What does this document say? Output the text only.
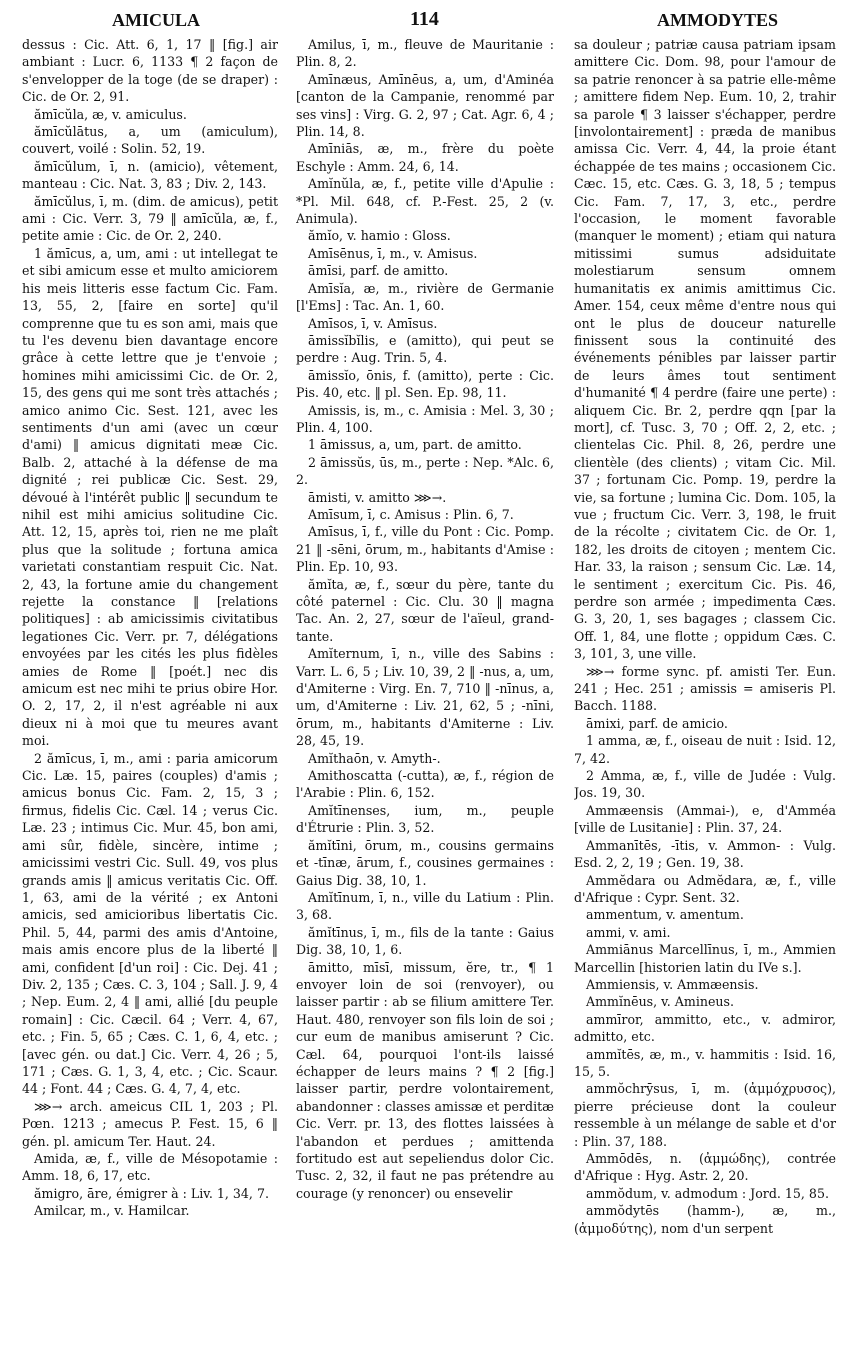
AMICULA	114	AMMODYTES

dessus : Cic. Att. 6, 1, 17 ‖ [fig.] air ambiant : Lucr. 6, 1133 ¶ 2 façon de s'envelopper de la toge (de se draper) : Cic. de Or. 2, 91.

ămīcŭla, æ, v. amiculus.

ămīcŭlātus, a, um (amiculum), couvert, voilé : Solin. 52, 19.

ămīcŭlum, ī, n. (amicio), vêtement, manteau : Cic. Nat. 3, 83 ; Div. 2, 143.

ămīcŭlus, ī, m. (dim. de amicus), petit ami : Cic. Verr. 3, 79 ‖ amīcŭla, æ, f., petite amie : Cic. de Or. 2, 240.

1 ămīcus, a, um, ami : ut intellegat te et sibi amicum esse et multo amiciorem his meis litteris esse factum Cic. Fam. 13, 55, 2, [faire en sorte] qu'il comprenne que tu es son ami, mais que tu l'es devenu bien davantage encore grâce à cette lettre que je t'envoie ; homines mihi amicissimi Cic. de Or. 2, 15, des gens qui me sont très attachés ; amico animo Cic. Sest. 121, avec les sentiments d'un ami (avec un cœur d'ami) ‖ amicus dignitati meæ Cic. Balb. 2, attaché à la défense de ma dignité ; rei publicæ Cic. Sest. 29, dévoué à l'intérêt public ‖ secundum te nihil est mihi amicius solitudine Cic. Att. 12, 15, après toi, rien ne me plaît plus que la solitude ; fortuna amica varietati constantiam respuit Cic. Nat. 2, 43, la fortune amie du changement rejette la constance ‖ [relations politiques] : ab amicissimis civitatibus legationes Cic. Verr. pr. 7, délégations envoyées par les cités les plus fidèles amies de Rome ‖ [poét.] nec dis amicum est nec mihi te prius obire Hor. O. 2, 17, 2, il n'est agréable ni aux dieux ni à moi que tu meures avant moi.

2 ămīcus, ī, m., ami : paria amicorum Cic. Læ. 15, paires (couples) d'amis ; amicus bonus Cic. Fam. 2, 15, 3 ; firmus, fidelis Cic. Cæl. 14 ; verus Cic. Læ. 23 ; intimus Cic. Mur. 45, bon ami, ami sûr, fidèle, sincère, intime ; amicissimi vestri Cic. Sull. 49, vos plus grands amis ‖ amicus veritatis Cic. Off. 1, 63, ami de la vérité ; ex Antoni amicis, sed amicioribus libertatis Cic. Phil. 5, 44, parmi des amis d'Antoine, mais amis encore plus de la liberté ‖ ami, confident [d'un roi] : Cic. Dej. 41 ; Div. 2, 135 ; Cæs. C. 3, 104 ; Sall. J. 9, 4 ; Nep. Eum. 2, 4 ‖ ami, allié [du peuple romain] : Cic. Cæcil. 64 ; Verr. 4, 67, etc. ; Fin. 5, 65 ; Cæs. C. 1, 6, 4, etc. ; [avec gén. ou dat.] Cic. Verr. 4, 26 ; 5, 171 ; Cæs. G. 1, 3, 4, etc. ; Cic. Scaur. 44 ; Font. 44 ; Cæs. G. 4, 7, 4, etc.

⋙→ arch. ameicus CIL 1, 203 ; Pl. Pœn. 1213 ; amecus P. Fest. 15, 6 ‖ gén. pl. amicum Ter. Haut. 24.

Amida, æ, f., ville de Mésopotamie : Amm. 18, 6, 17, etc.

ămigro, āre, émigrer à : Liv. 1, 34, 7.

Amilcar, m., v. Hamilcar.

Amilus, ī, m., fleuve de Mauritanie : Plin. 8, 2.

Amīnæus, Amīnēus, a, um, d'Aminéa [canton de la Campanie, renommé par ses vins] : Virg. G. 2, 97 ; Cat. Agr. 6, 4 ; Plin. 14, 8.

Amīniās, æ, m., frère du poète Eschyle : Amm. 24, 6, 14.

Amĭnŭla, æ, f., petite ville d'Apulie : *Pl. Mil. 648, cf. P.-Fest. 25, 2 (v. Animula).

ămĭo, v. hamio : Gloss.

Amīsēnus, ī, m., v. Amisus.

āmīsi, parf. de amitto.

Amīsĭa, æ, m., rivière de Germanie [l'Ems] : Tac. An. 1, 60.

Amīsos, ī, v. Amīsus.

āmissĭbĭlis, e (amitto), qui peut se perdre : Aug. Trin. 5, 4.

āmissĭo, ōnis, f. (amitto), perte : Cic. Pis. 40, etc. ‖ pl. Sen. Ep. 98, 11.

Amissis, is, m., c. Amisia : Mel. 3, 30 ; Plin. 4, 100.

1 āmissus, a, um, part. de amitto.

2 āmissŭs, ūs, m., perte : Nep. *Alc. 6, 2.

āmisti, v. amitto ⋙→.

Amīsum, ī, c. Amisus : Plin. 6, 7.

Amīsus, ī, f., ville du Pont : Cic. Pomp. 21 ‖ -sēni, ōrum, m., habitants d'Amise : Plin. Ep. 10, 93.

ămĭta, æ, f., sœur du père, tante du côté paternel : Cic. Clu. 30 ‖ magna Tac. An. 2, 27, sœur de l'aïeul, grand-tante.

Amĭternum, ī, n., ville des Sabins : Varr. L. 6, 5 ; Liv. 10, 39, 2 ‖ -nus, a, um, d'Amiterne : Virg. En. 7, 710 ‖ -nīnus, a, um, d'Amiterne : Liv. 21, 62, 5 ; -nīni, ōrum, m., habitants d'Amiterne : Liv. 28, 45, 19.

Amĭthaōn, v. Amyth-.

Amithoscatta (-cutta), æ, f., région de l'Arabie : Plin. 6, 152.

Amĭtīnenses, ium, m., peuple d'Étrurie : Plin. 3, 52.

ămĭtīni, ōrum, m., cousins germains et -tīnæ, ārum, f., cousines germaines : Gaius Dig. 38, 10, 1.

Amĭtīnum, ī, n., ville du Latium : Plin. 3, 68.

ămĭtīnus, ī, m., fils de la tante : Gaius Dig. 38, 10, 1, 6.

āmitto, mīsī, missum, ĕre, tr., ¶ 1 envoyer loin de soi (renvoyer), ou laisser partir : ab se filium amittere Ter. Haut. 480, renvoyer son fils loin de soi ; cur eum de manibus amiserunt ? Cic. Cæl. 64, pourquoi l'ont-ils laissé échapper de leurs mains ? ¶ 2 [fig.] laisser partir, perdre volontairement, abandonner : classes amissæ et perditæ Cic. Verr. pr. 13, des flottes laissées à l'abandon et perdues ; amittenda fortitudo est aut sepeliendus dolor Cic. Tusc. 2, 32, il faut ne pas prétendre au courage (y renoncer) ou ensevelir

sa douleur ; patriæ causa patriam ipsam amittere Cic. Dom. 98, pour l'amour de sa patrie renoncer à sa patrie elle-même ; amittere fidem Nep. Eum. 10, 2, trahir sa parole ¶ 3 laisser s'échapper, perdre [involontairement] : præda de manibus amissa Cic. Verr. 4, 44, la proie étant échappée de tes mains ; occasionem Cic. Cæc. 15, etc. Cæs. G. 3, 18, 5 ; tempus Cic. Fam. 7, 17, 3, etc., perdre l'occasion, le moment favorable (manquer le moment) ; etiam qui natura mitissimi sumus adsiduitate molestiarum sensum omnem humanitatis ex animis amittimus Cic. Amer. 154, ceux même d'entre nous qui ont le plus de douceur naturelle finissent sous la continuité des événements pénibles par laisser partir de leurs âmes tout sentiment d'humanité ¶ 4 perdre (faire une perte) : aliquem Cic. Br. 2, perdre qqn [par la mort], cf. Tusc. 3, 70 ; Off. 2, 2, etc. ; clientelas Cic. Phil. 8, 26, perdre une clientèle (des clients) ; vitam Cic. Mil. 37 ; fortunam Cic. Pomp. 19, perdre la vie, sa fortune ; lumina Cic. Dom. 105, la vue ; fructum Cic. Verr. 3, 198, le fruit de la récolte ; civitatem Cic. de Or. 1, 182, les droits de citoyen ; mentem Cic. Har. 33, la raison ; sensum Cic. Læ. 14, le sentiment ; exercitum Cic. Pis. 46, perdre son armée ; impedimenta Cæs. G. 3, 20, 1, ses bagages ; classem Cic. Off. 1, 84, une flotte ; oppidum Cæs. C. 3, 101, 3, une ville.

⋙→ forme sync. pf. amisti Ter. Eun. 241 ; Hec. 251 ; amissis = amiseris Pl. Bacch. 1188.

āmixi, parf. de amicio.

1 amma, æ, f., oiseau de nuit : Isid. 12, 7, 42.

2 Amma, æ, f., ville de Judée : Vulg. Jos. 19, 30.

Ammæensis (Ammai-), e, d'Amméa [ville de Lusitanie] : Plin. 37, 24.

Ammanītēs, -ītis, v. Ammon- : Vulg. Esd. 2, 2, 19 ; Gen. 19, 38.

Ammĕdara ou Admĕdara, æ, f., ville d'Afrique : Cypr. Sent. 32.

ammentum, v. amentum.

ammi, v. ami.

Ammiānus Marcellīnus, ī, m., Ammien Marcellin [historien latin du IVe s.].

Ammiensis, v. Ammæensis.

Ammĭnēus, v. Amineus.

ammīror, ammitto, etc., v. admiror, admitto, etc.

ammĭtēs, æ, m., v. hammitis : Isid. 16, 15, 5.

ammŏchrȳsus, ī, m. (ἀμμόχρυσος), pierre précieuse dont la couleur ressemble à un mélange de sable et d'or : Plin. 37, 188.

Ammōdēs, n. (ἀμμώδης), contrée d'Afrique : Hyg. Astr. 2, 20.

ammŏdum, v. admodum : Jord. 15, 85.

ammŏdytēs (hamm-), æ, m., (ἀμμοδύτης), nom d'un serpent
